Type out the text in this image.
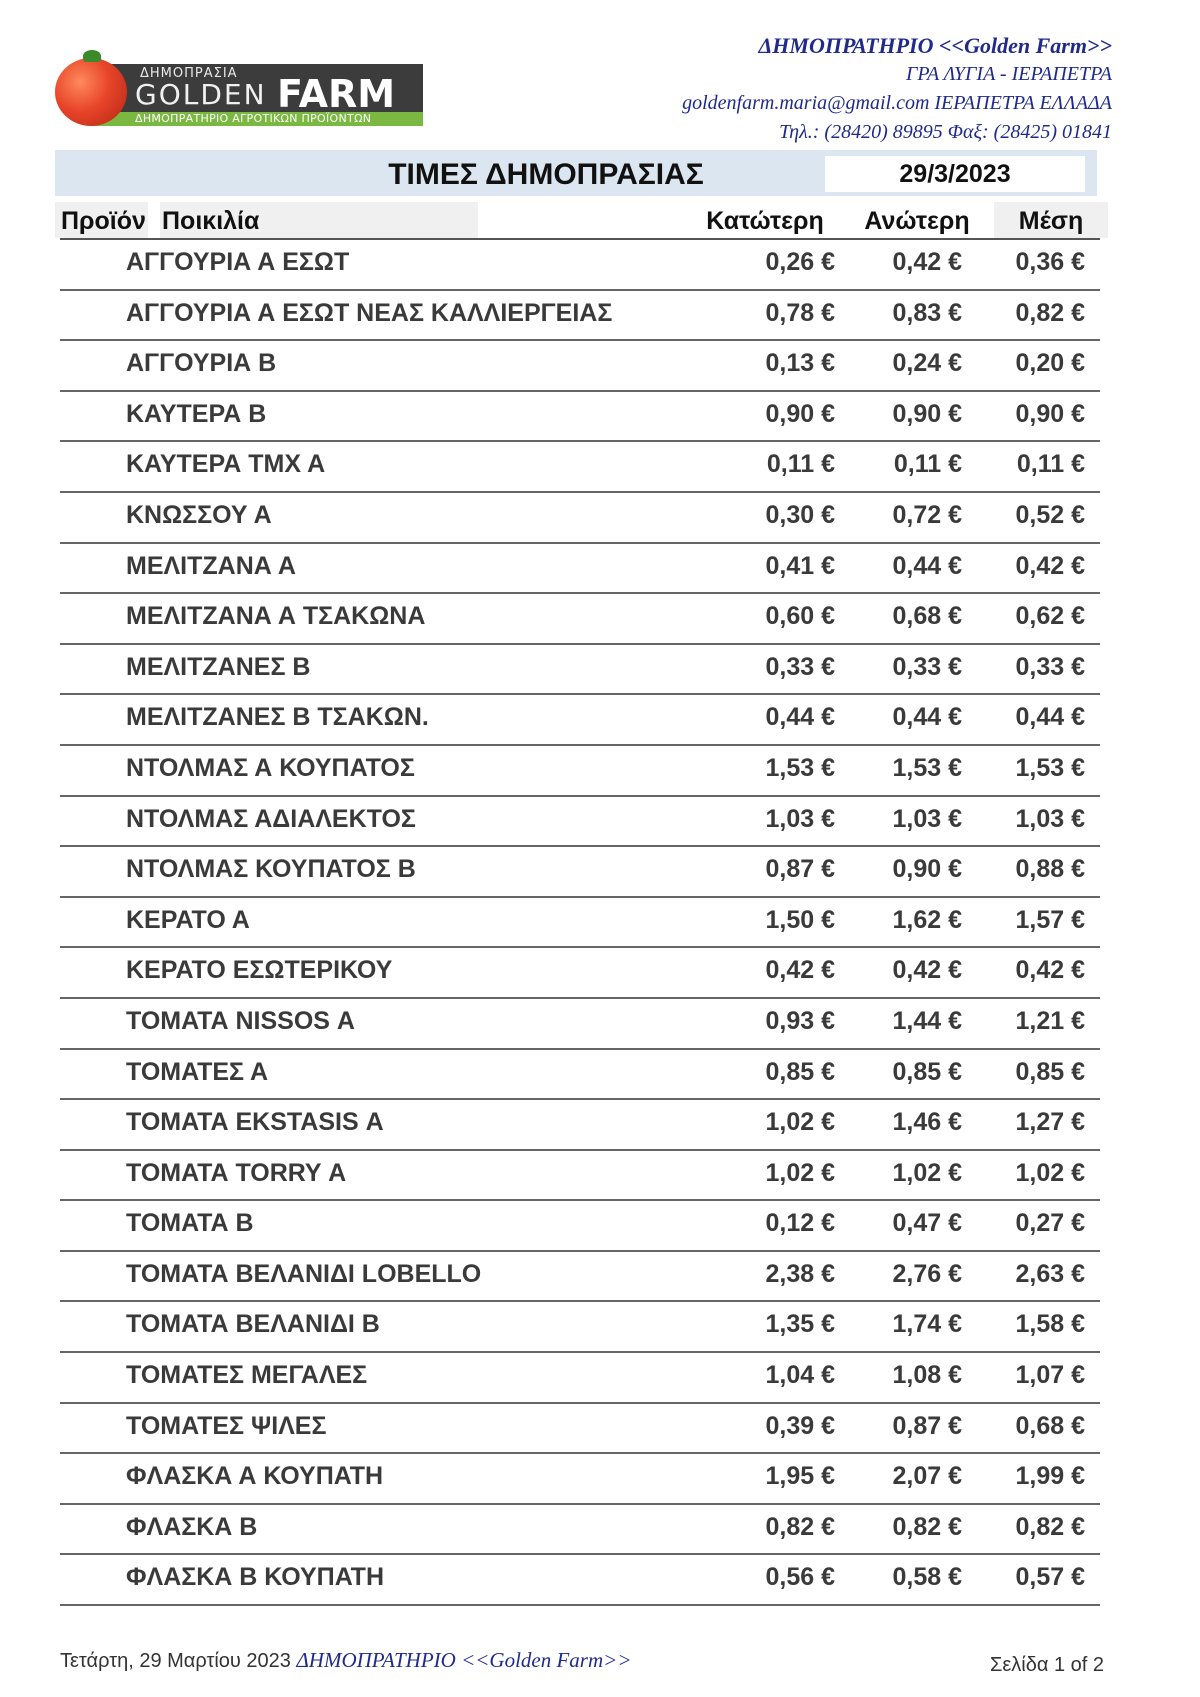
ΔΗΜΟΠΡΑΣΙΑ
GOLDEN FARM
ΔΗΜΟΠΡΑΤΗΡΙΟ ΑΓΡΟΤΙΚΩΝ ΠΡΟΪΟΝΤΩΝ
ΔΗΜΟΠΡΑΤΗΡΙΟ <<Golden Farm>>
ΓΡΑ ΛΥΓΙΑ - ΙΕΡΑΠΕΤΡΑ
goldenfarm.maria@gmail.com ΙΕΡΑΠΕΤΡΑ ΕΛΛΑΔΑ
Τηλ.: (28420) 89895 Φαξ: (28425) 01841
ΤΙΜΕΣ ΔΗΜΟΠΡΑΣΙΑΣ	29/3/2023
Προϊόν Ποικιλία	Κατώτερη Ανώτερη	Μέση
ΑΓΓΟΥΡΙΑ Α ΕΣΩΤ	0,26 € 0,42 € 0,36 €
ΑΓΓΟΥΡΙΑ Α ΕΣΩΤ ΝΕΑΣ ΚΑΛΛΙΕΡΓΕΙΑΣ	0,78 € 0,83 € 0,82 €
ΑΓΓΟΥΡΙΑ Β	0,13 € 0,24 € 0,20 €
ΚΑΥΤΕΡΑ Β	0,90 € 0,90 € 0,90 €
ΚΑΥΤΕΡΑ ΤΜΧ Α	0,11 € 0,11 € 0,11 €
ΚΝΩΣΣΟΥ Α	0,30 € 0,72 € 0,52 €
ΜΕΛΙΤΖΑΝΑ Α	0,41 € 0,44 € 0,42 €
ΜΕΛΙΤΖΑΝΑ Α ΤΣΑΚΩΝΑ	0,60 € 0,68 € 0,62 €
ΜΕΛΙΤΖΑΝΕΣ Β	0,33 € 0,33 € 0,33 €
ΜΕΛΙΤΖΑΝΕΣ Β ΤΣΑΚΩΝ.	0,44 € 0,44 € 0,44 €
ΝΤΟΛΜΑΣ Α ΚΟΥΠΑΤΟΣ	1,53 € 1,53 € 1,53 €
ΝΤΟΛΜΑΣ ΑΔΙΑΛΕΚΤΟΣ	1,03 € 1,03 € 1,03 €
ΝΤΟΛΜΑΣ ΚΟΥΠΑΤΟΣ Β	0,87 € 0,90 € 0,88 €
ΚΕΡΑΤΟ Α	1,50 € 1,62 € 1,57 €
ΚΕΡΑΤΟ ΕΣΩΤΕΡΙΚΟΥ	0,42 € 0,42 € 0,42 €
ΤΟΜΑΤΑ NISSOS Α	0,93 € 1,44 € 1,21 €
ΤΟΜΑΤΕΣ Α	0,85 € 0,85 € 0,85 €
ΤΟΜΑΤΑ EKSTASIS Α	1,02 € 1,46 € 1,27 €
ΤΟΜΑΤΑ TORRY Α	1,02 € 1,02 € 1,02 €
ΤΟΜΑΤΑ Β	0,12 € 0,47 € 0,27 €
ΤΟΜΑΤΑ ΒΕΛΑΝΙΔΙ LOBELLO	2,38 € 2,76 € 2,63 €
ΤΟΜΑΤΑ ΒΕΛΑΝΙΔΙ Β	1,35 € 1,74 € 1,58 €
ΤΟΜΑΤΕΣ ΜΕΓΑΛΕΣ	1,04 € 1,08 € 1,07 €
ΤΟΜΑΤΕΣ ΨΙΛΕΣ	0,39 € 0,87 € 0,68 €
ΦΛΑΣΚΑ Α ΚΟΥΠΑΤΗ	1,95 € 2,07 € 1,99 €
ΦΛΑΣΚΑ Β	0,82 € 0,82 € 0,82 €
ΦΛΑΣΚΑ Β ΚΟΥΠΑΤΗ	0,56 € 0,58 € 0,57 €
Τετάρτη, 29 Μαρτίου 2023 ΔΗΜΟΠΡΑΤΗΡΙΟ <<Golden Farm>>	Σελίδα 1 of 2
